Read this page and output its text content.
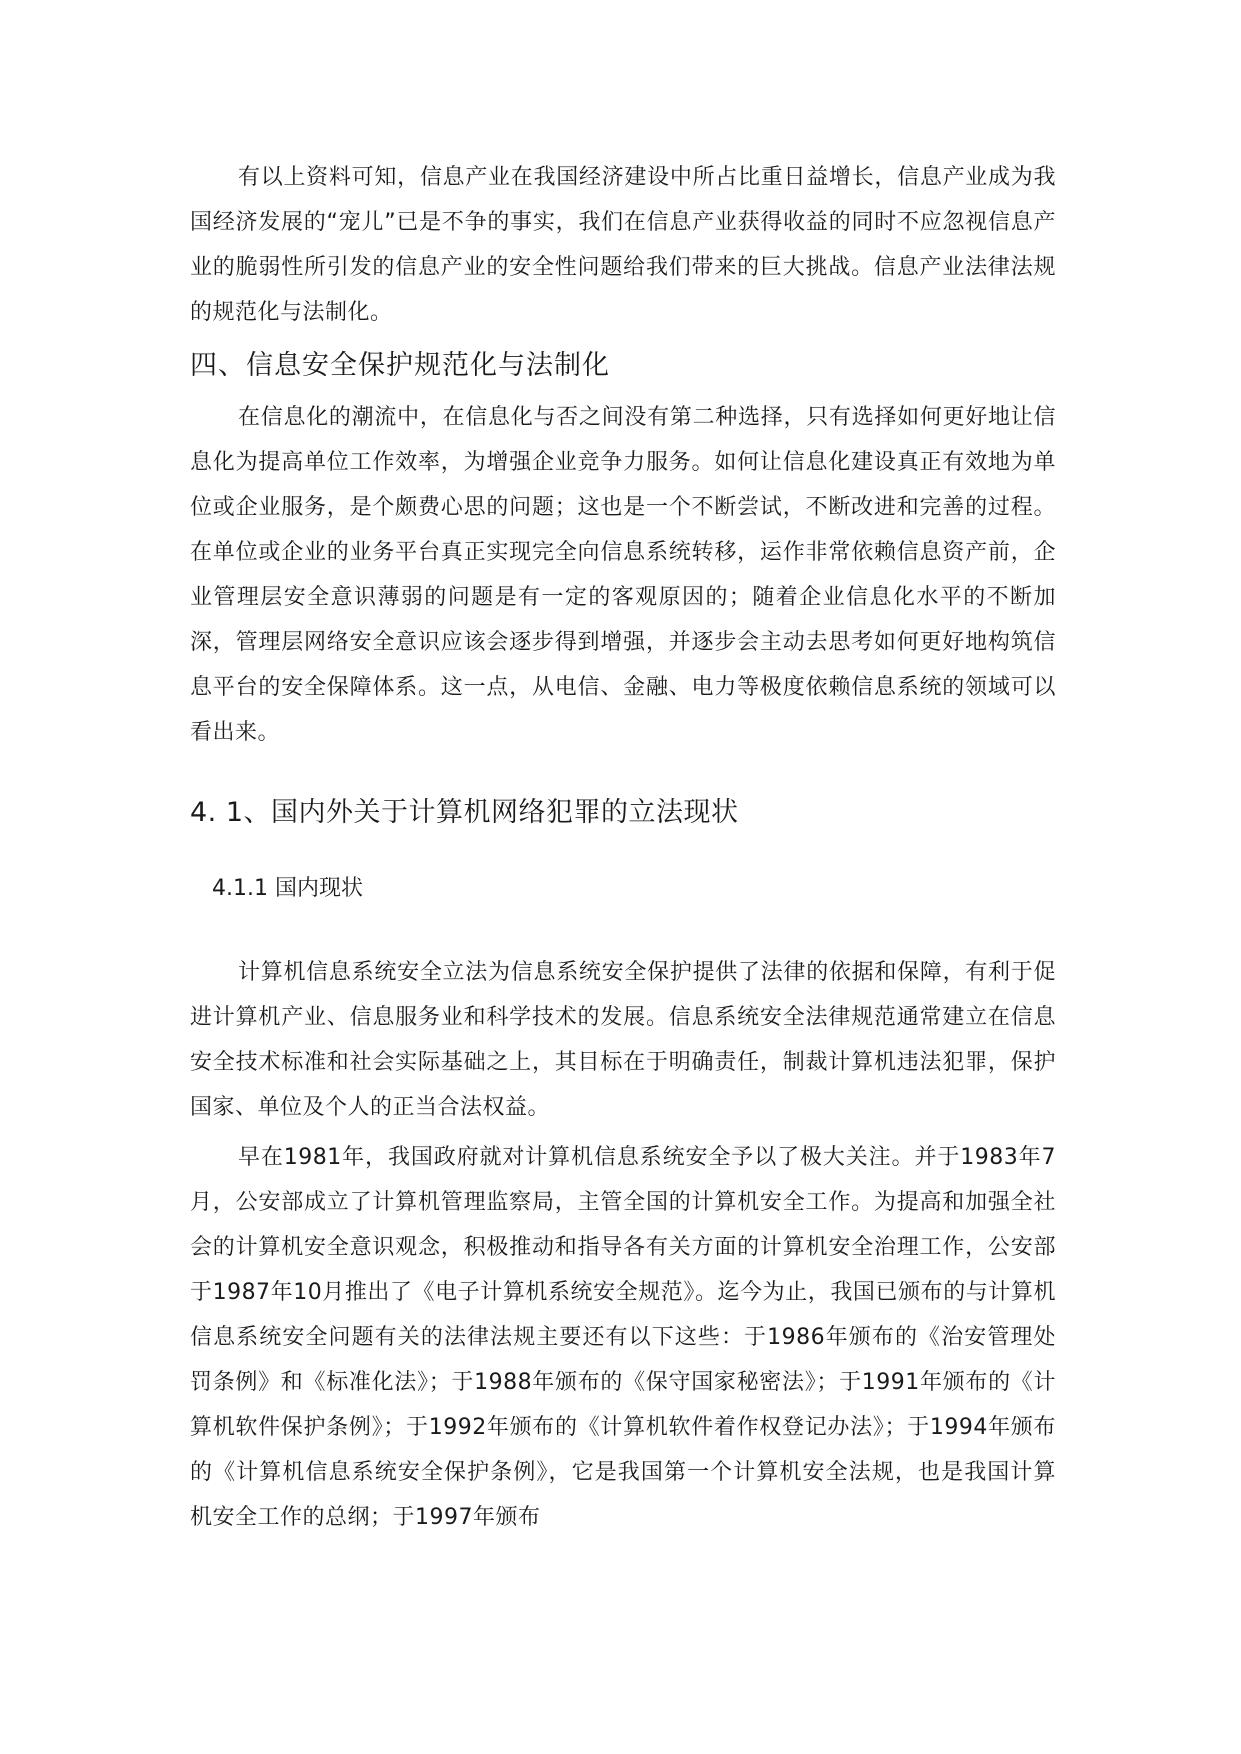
有以上资料可知，信息产业在我国经济建设中所占比重日益增长，信息产业成为我国经济发展的“宠儿”已是不争的事实，我们在信息产业获得收益的同时不应忽视信息产业的脆弱性所引发的信息产业的安全性问题给我们带来的巨大挑战。信息产业法律法规的规范化与法制化。

四、信息安全保护规范化与法制化

在信息化的潮流中，在信息化与否之间没有第二种选择，只有选择如何更好地让信息化为提高单位工作效率，为增强企业竞争力服务。如何让信息化建设真正有效地为单位或企业服务，是个颇费心思的问题；这也是一个不断尝试，不断改进和完善的过程。在单位或企业的业务平台真正实现完全向信息系统转移，运作非常依赖信息资产前，企业管理层安全意识薄弱的问题是有一定的客观原因的；随着企业信息化水平的不断加深，管理层网络安全意识应该会逐步得到增强，并逐步会主动去思考如何更好地构筑信息平台的安全保障体系。这一点，从电信、金融、电力等极度依赖信息系统的领域可以看出来。

4. 1、国内外关于计算机网络犯罪的立法现状
4.1.1 国内现状

计算机信息系统安全立法为信息系统安全保护提供了法律的依据和保障，有利于促进计算机产业、信息服务业和科学技术的发展。信息系统安全法律规范通常建立在信息安全技术标准和社会实际基础之上，其目标在于明确责任，制裁计算机违法犯罪，保护国家、单位及个人的正当合法权益。

早在1981年，我国政府就对计算机信息系统安全予以了极大关注。并于1983年7月，公安部成立了计算机管理监察局，主管全国的计算机安全工作。为提高和加强全社会的计算机安全意识观念，积极推动和指导各有关方面的计算机安全治理工作，公安部于1987年10月推出了《电子计算机系统安全规范》。迄今为止，我国已颁布的与计算机信息系统安全问题有关的法律法规主要还有以下这些：于1986年颁布的《治安管理处罚条例》和《标准化法》；于1988年颁布的《保守国家秘密法》；于1991年颁布的《计算机软件保护条例》；于1992年颁布的《计算机软件着作权登记办法》；于1994年颁布的《计算机信息系统安全保护条例》，它是我国第一个计算机安全法规，也是我国计算机安全工作的总纲；于1997年颁布
